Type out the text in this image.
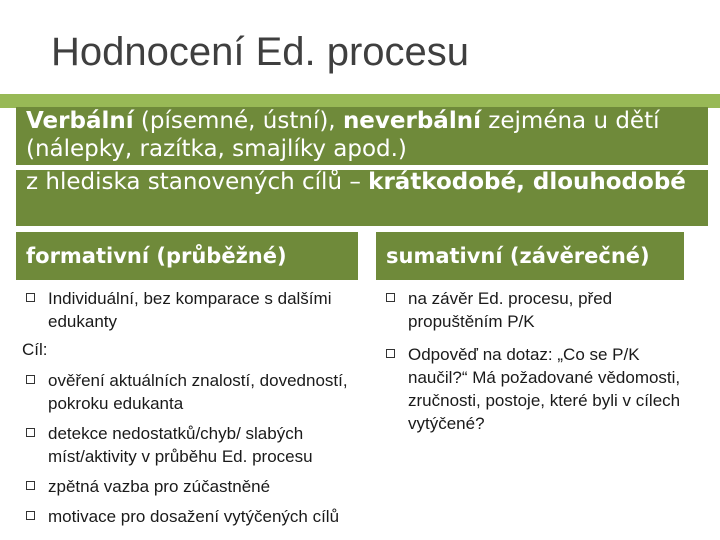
Hodnocení Ed. procesu
Verbální (písemné, ústní), neverbální zejména u dětí (nálepky, razítka, smajlíky apod.)
z hlediska stanovených cílů – krátkodobé, dlouhodobé
formativní (průběžné)	sumativní (závěrečné)
Individuální, bez komparace s dalšími edukanty
Cíl:
ověření aktuálních znalostí, dovedností, pokroku edukanta
detekce nedostatků/chyb/ slabých míst/aktivity v průběhu Ed. procesu
zpětná vazba pro zúčastněné
motivace pro dosažení vytýčených cílů
na závěr Ed. procesu, před propuštěním P/K
Odpověď na dotaz: „Co se P/K naučil?“ Má požadované vědomosti, zručnosti, postoje, které byli v cílech vytýčené?
